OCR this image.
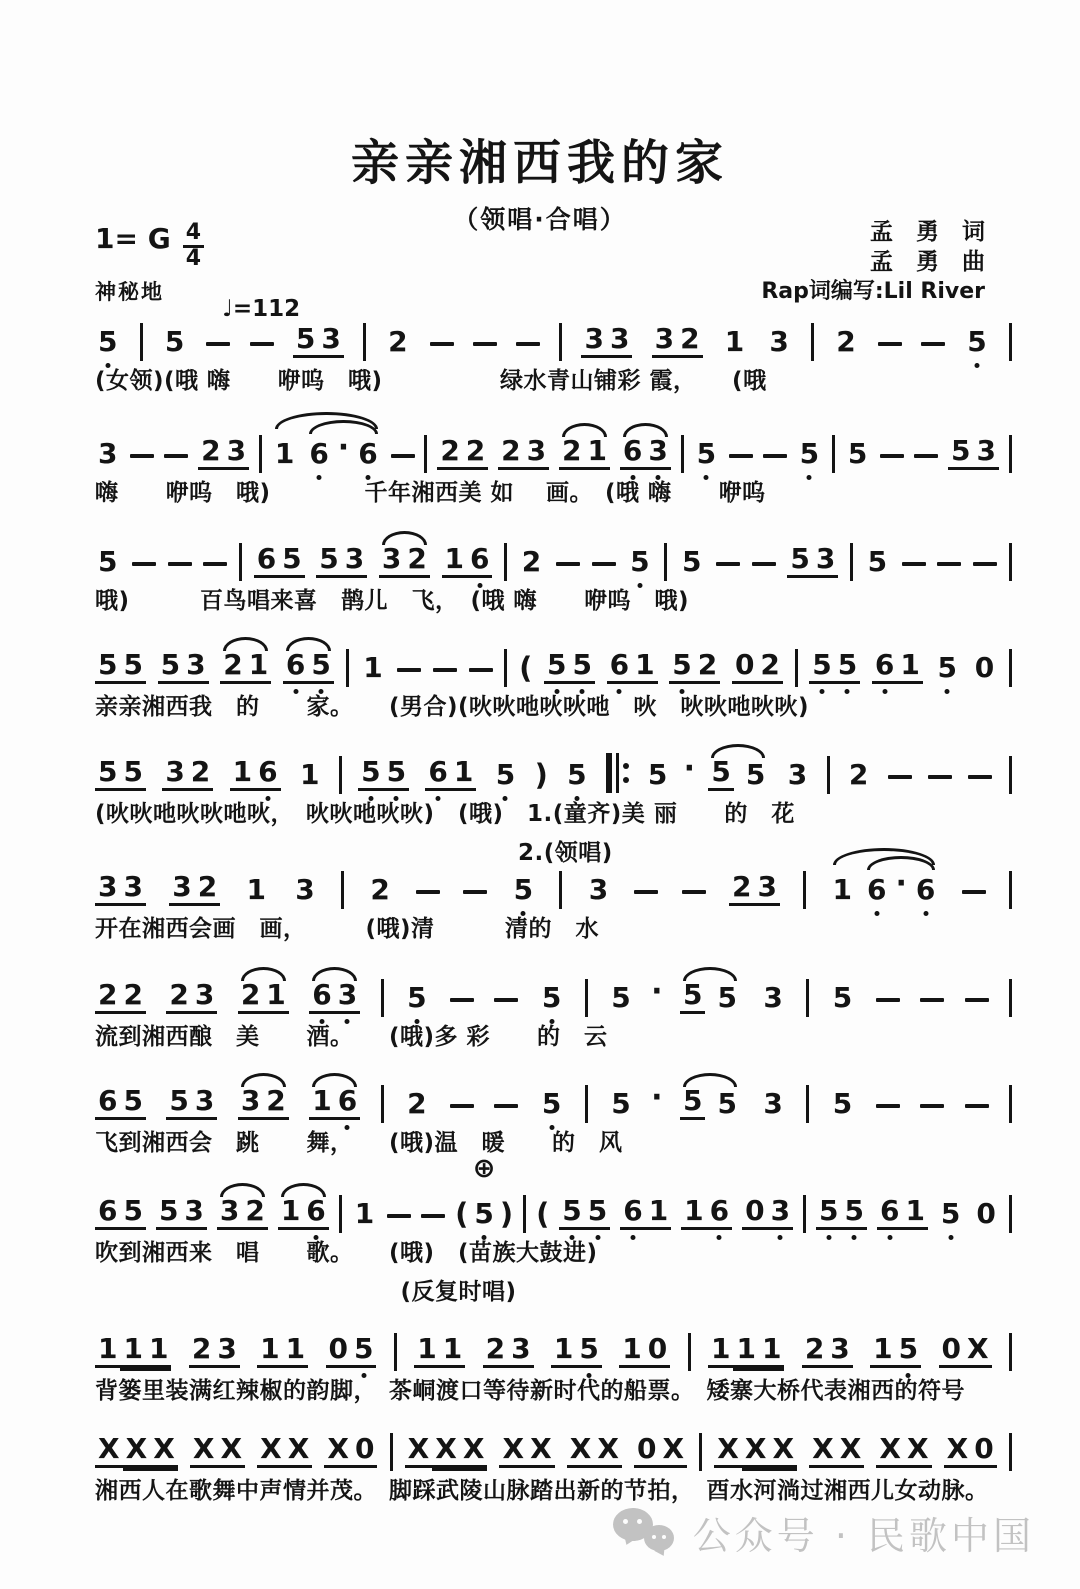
亲亲湘西我的家
（领唱·合唱）
1= G $\frac{4}{4}$
神秘地
孟　勇　词
孟　勇　曲
Rap词编写:Lil River
♩=112
5 5	5 3 2	3 3 3 2 1 3 2	5
(女领)(哦 嗨　　咿呜　哦)　　　　　绿水青山铺彩 霞，　　(哦
3	2 3 1 6 · 6 2 2 2 3 2 1 6 3 5	5 5	5 3
嗨　　咿呜　哦)　　　　千年湘西美 如　 画。　(哦 嗨　　咿呜
5	6 5 5 3 3 2 1 6 2	5 5	5 3 5
哦)　　　百鸟唱来喜　鹊儿　飞，　(哦 嗨　　咿呜　哦)
5 5 5 3 2 1 6 5 1	( 5 5 6 1 5 2 0 2 5 5 6 1 5 0
亲亲湘西我　的　　家。　　(男合)(吙吙吔吙吙吔　吙　吙吙吔吙吙)
5 5 3 2 1 6 1 5 5 6 1 5 ) 5 5 · 5 5 3 2
(吙吙吔吙吙吔吙，　吙吙吔吙吙)　(哦)　1.(童齐)美 丽　　的　花
　　　　　　　　　　　　　　　　　　2.(领唱)
3 3 3 2 1 3 2	5 3	2 3 1 6 · 6
开在湘西会画　画，　　　(哦)清　　　清的　水
2 2 2 3 2 1 6 3 5	5 5 · 5 5 3 5
流到湘西酿　美　　酒。　　(哦)多 彩　　的　云
6 5 5 3 3 2 1 6 2	5 5 · 5 5 3 5
飞到湘西会　跳　　舞，　　(哦)温　暖　　的　风
6 5 5 3 3 2 1 6 1	⊕ ( 5 ) ( 5 5 6 1 1 6 0 3 5 5 6 1 5 0
吹到湘西来　唱　　歌。　　(哦)　(苗族大鼓进)
　　　　　　　　　　　　　(反复时唱)
1 1 1 2 3 1 1 0 5 1 1 2 3 1 5 1 0 1 1 1 2 3 1 5 0 X
背篓里装满红辣椒的韵脚，　茶峒渡口等待新时代的船票。　矮寨大桥代表湘西的符号
X X X X X X X X 0 X X X X X X X 0 X X X X X X X X X 0
湘西人在歌舞中声情并茂。　脚踩武陵山脉踏出新的节拍，　酉水河淌过湘西儿女动脉。
公众号 · 民歌中国
